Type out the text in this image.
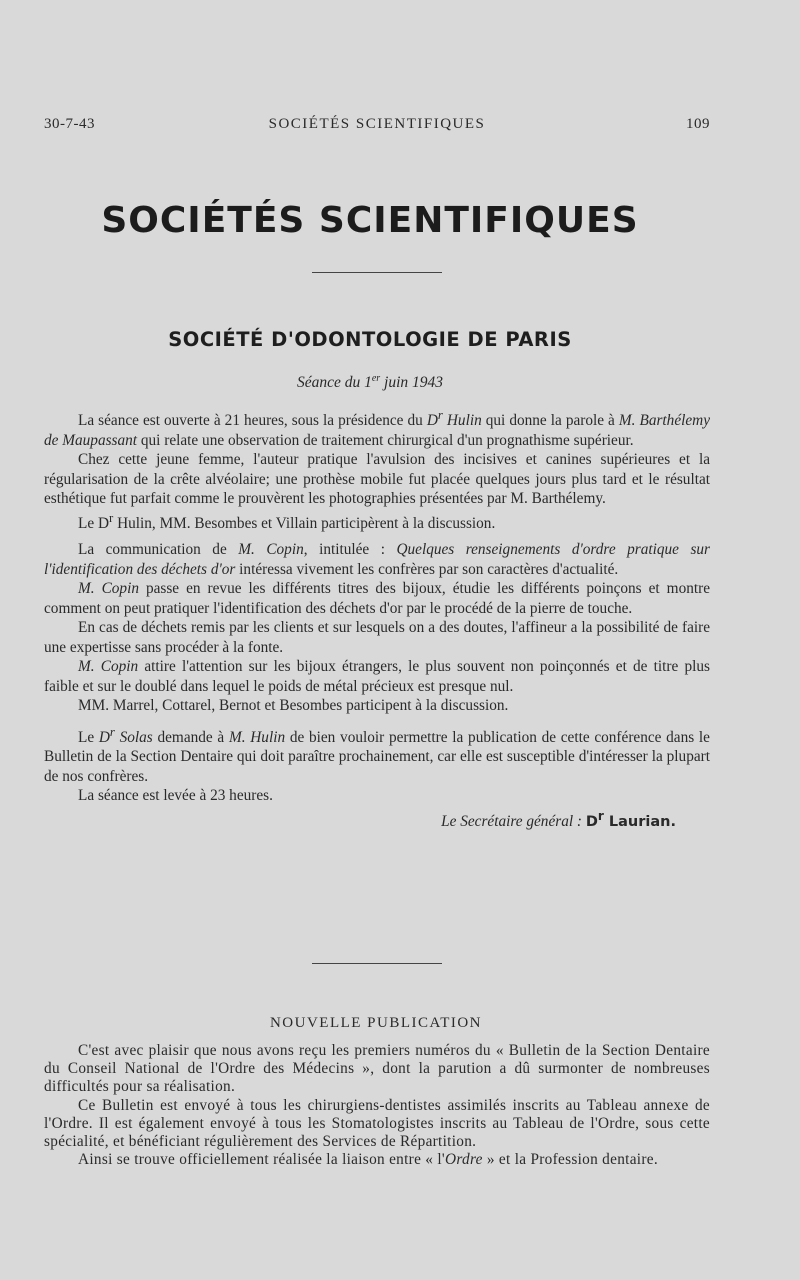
30-7-43	SOCIÉTÉS SCIENTIFIQUES	109
SOCIÉTÉS SCIENTIFIQUES
SOCIÉTÉ D'ODONTOLOGIE DE PARIS
Séance du 1er juin 1943

La séance est ouverte à 21 heures, sous la présidence du $D^r$ Hulin qui donne la parole à M. Barthélemy de Maupassant qui relate une observation de traitement chirurgical d'un prognathisme supérieur.

Chez cette jeune femme, l'auteur pratique l'avulsion des incisives et canines supérieures et la régularisation de la crête alvéolaire; une prothèse mobile fut placée quelques jours plus tard et le résultat esthétique fut parfait comme le prouvèrent les photographies présentées par M. Barthélemy.

Le $D^r$ Hulin, MM. Besombes et Villain participèrent à la discussion.

La communication de M. Copin, intitulée : Quelques renseignements d'ordre pratique sur l'identification des déchets d'or intéressa vivement les confrères par son caractères d'actualité.

M. Copin passe en revue les différents titres des bijoux, étudie les différents poinçons et montre comment on peut pratiquer l'identification des déchets d'or par le procédé de la pierre de touche.

En cas de déchets remis par les clients et sur lesquels on a des doutes, l'affineur a la possibilité de faire une expertisse sans procéder à la fonte.

M. Copin attire l'attention sur les bijoux étrangers, le plus souvent non poinçonnés et de titre plus faible et sur le doublé dans lequel le poids de métal précieux est presque nul.

MM. Marrel, Cottarel, Bernot et Besombes participent à la discussion.

Le $D^r$ Solas demande à M. Hulin de bien vouloir permettre la publication de cette conférence dans le Bulletin de la Section Dentaire qui doit paraître prochainement, car elle est susceptible d'intéresser la plupart de nos confrères.

La séance est levée à 23 heures.

Le Secrétaire général : $D^r$ Laurian.
NOUVELLE PUBLICATION

C'est avec plaisir que nous avons reçu les premiers numéros du « Bulletin de la Section Dentaire du Conseil National de l'Ordre des Médecins », dont la parution a dû surmonter de nombreuses difficultés pour sa réalisation.

Ce Bulletin est envoyé à tous les chirurgiens-dentistes assimilés inscrits au Tableau annexe de l'Ordre. Il est également envoyé à tous les Stomatologistes inscrits au Tableau de l'Ordre, sous cette spécialité, et bénéficiant régulièrement des Services de Répartition.

Ainsi se trouve officiellement réalisée la liaison entre « l'Ordre » et la Profession dentaire.
